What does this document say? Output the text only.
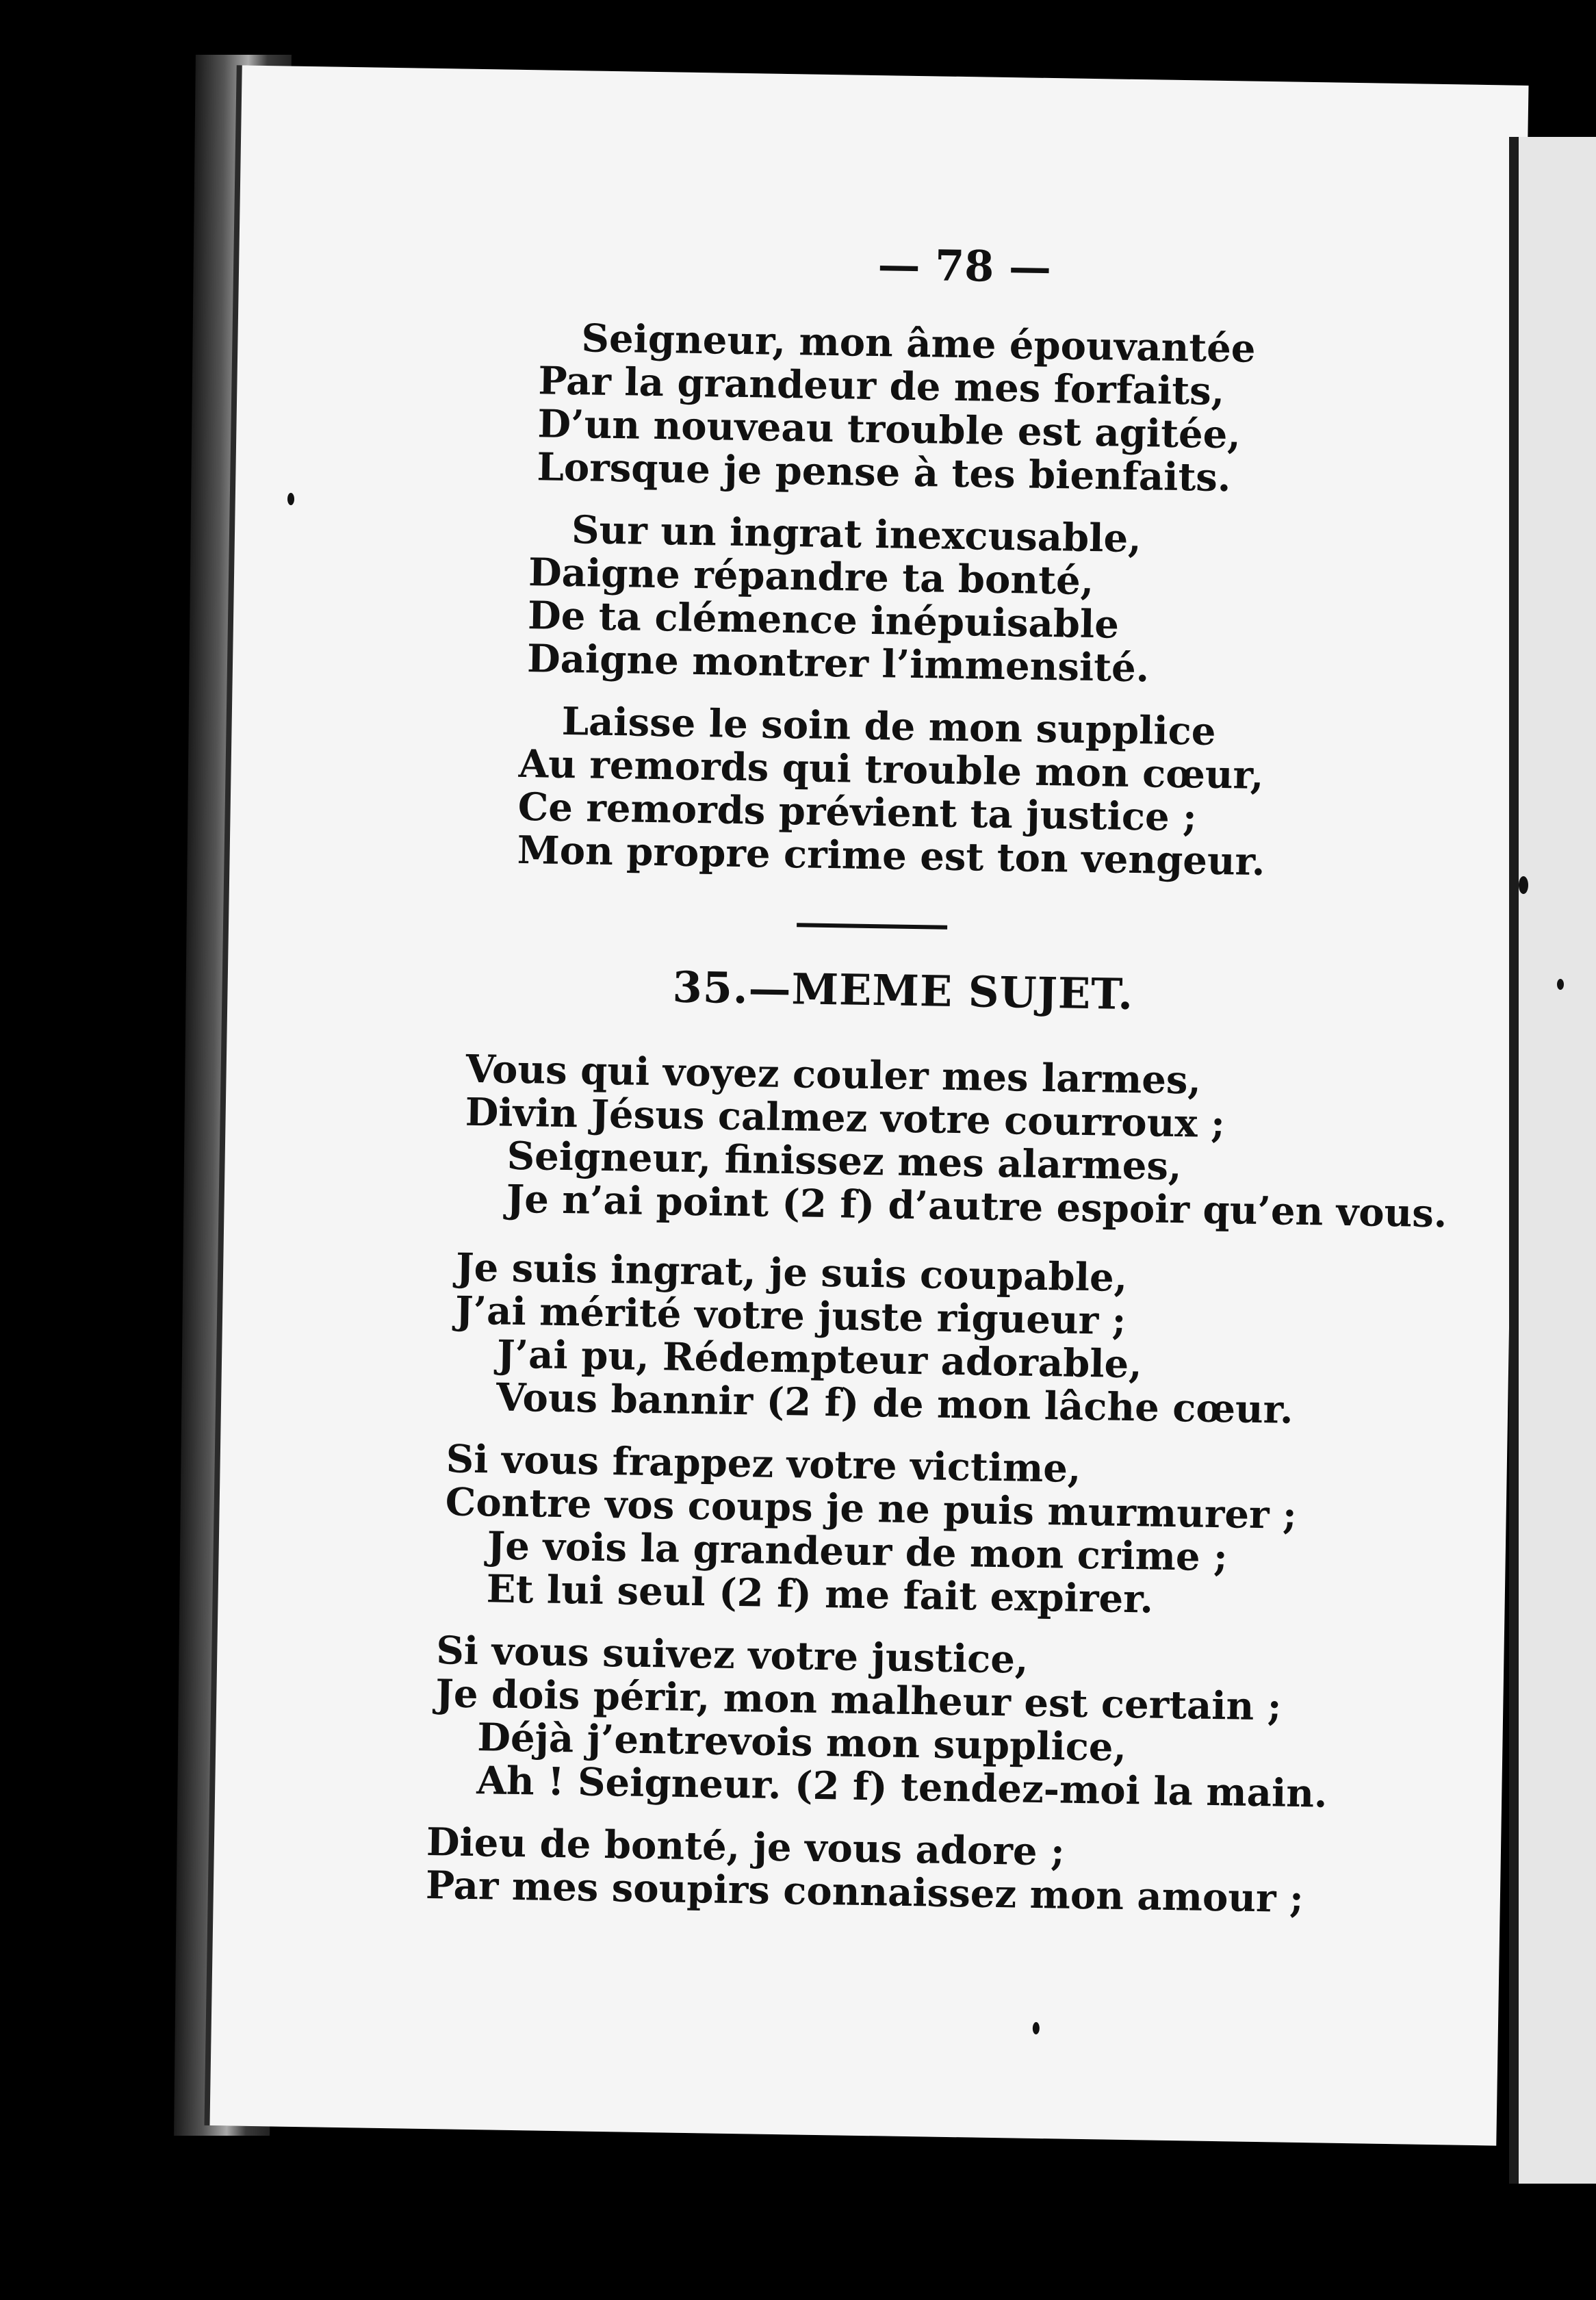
— 78 —
Seigneur, mon âme épouvantée
Par la grandeur de mes forfaits,
D’un nouveau trouble est agitée,
Lorsque je pense à tes bienfaits.
Sur un ingrat inexcusable,
Daigne répandre ta bonté,
De ta clémence inépuisable
Daigne montrer l’immensité.
Laisse le soin de mon supplice
Au remords qui trouble mon cœur,
Ce remords prévient ta justice ;
Mon propre crime est ton vengeur.
35.—MEME SUJET.
Vous qui voyez couler mes larmes,
Divin Jésus calmez votre courroux ;
Seigneur, finissez mes alarmes,
Je n’ai point (2 f) d’autre espoir qu’en vous.
Je suis ingrat, je suis coupable,
J’ai mérité votre juste rigueur ;
J’ai pu, Rédempteur adorable,
Vous bannir (2 f) de mon lâche cœur.
Si vous frappez votre victime,
Contre vos coups je ne puis murmurer ;
Je vois la grandeur de mon crime ;
Et lui seul (2 f) me fait expirer.
Si vous suivez votre justice,
Je dois périr, mon malheur est certain ;
Déjà j’entrevois mon supplice,
Ah ! Seigneur. (2 f) tendez-moi la main.
Dieu de bonté, je vous adore ;
Par mes soupirs connaissez mon amour ;
